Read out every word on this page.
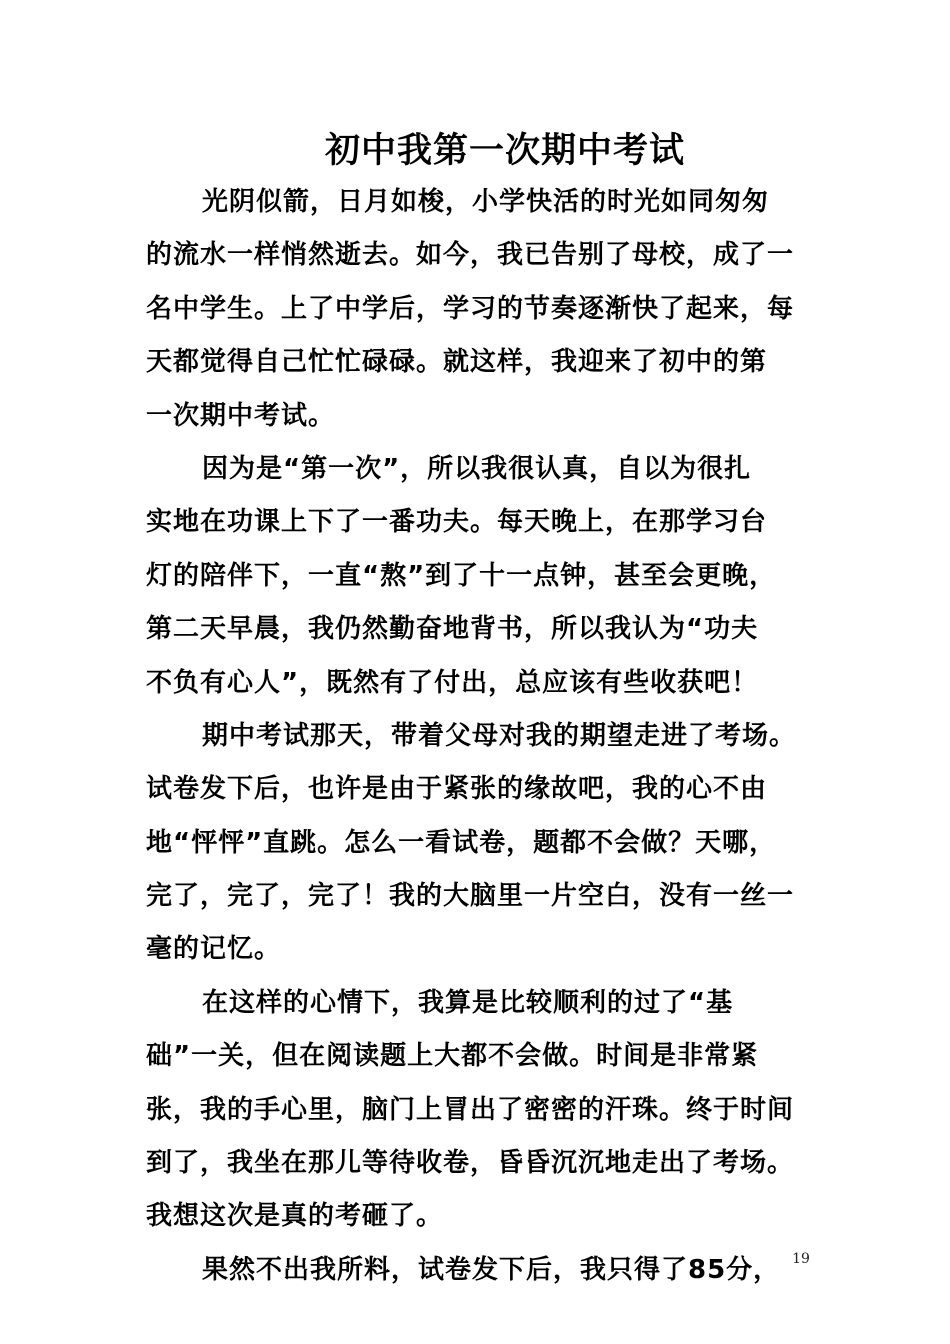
初中我第一次期中考试
光阴似箭，日月如梭，小学快活的时光如同匆匆
的流水一样悄然逝去。如今，我已告别了母校，成了一
名中学生。上了中学后，学习的节奏逐渐快了起来，每
天都觉得自己忙忙碌碌。就这样，我迎来了初中的第
一次期中考试。
因为是“第一次”，所以我很认真，自以为很扎
实地在功课上下了一番功夫。每天晚上，在那学习台
灯的陪伴下，一直“熬”到了十一点钟，甚至会更晚，
第二天早晨，我仍然勤奋地背书，所以我认为“功夫
不负有心人”，既然有了付出，总应该有些收获吧！
期中考试那天，带着父母对我的期望走进了考场。
试卷发下后，也许是由于紧张的缘故吧，我的心不由
地“怦怦”直跳。怎么一看试卷，题都不会做？天哪，
完了，完了，完了！我的大脑里一片空白，没有一丝一
毫的记忆。
在这样的心情下，我算是比较顺利的过了“基
础”一关，但在阅读题上大都不会做。时间是非常紧
张，我的手心里，脑门上冒出了密密的汗珠。终于时间
到了，我坐在那儿等待收卷，昏昏沉沉地走出了考场。
我想这次是真的考砸了。
果然不出我所料，试卷发下后，我只得了85分， 19
